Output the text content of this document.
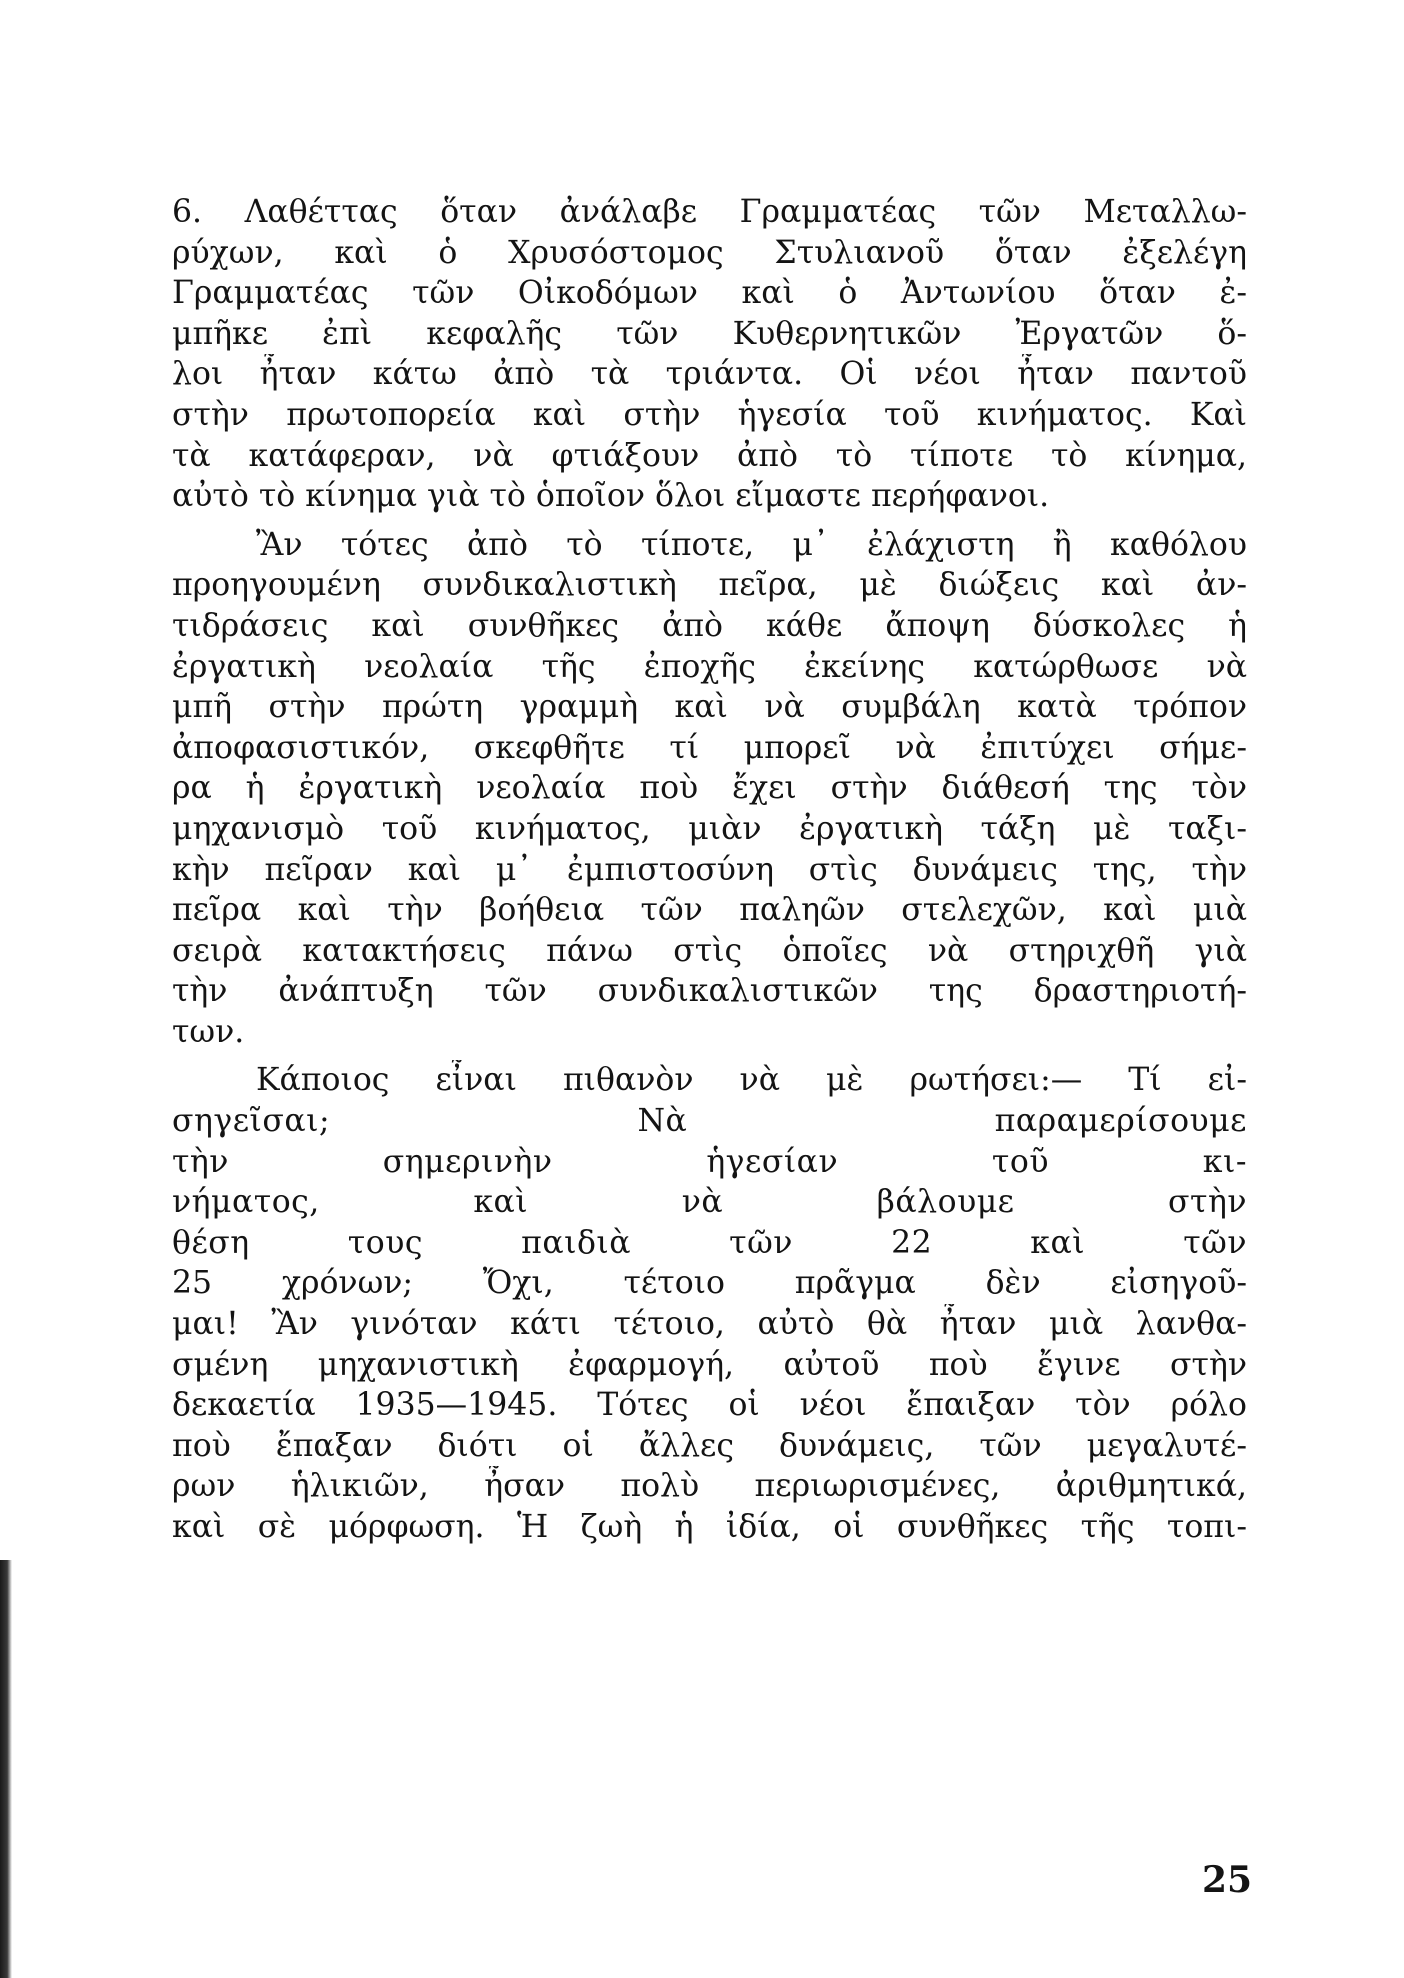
6. Λαθέττας ὅταν ἀνάλαβε Γραμματέας τῶν Μεταλλω-
ρύχων, καὶ ὁ Χρυσόστομος Στυλιανοῦ ὅταν ἐξελέγη
Γραμματέας τῶν Οἰκοδόμων καὶ ὁ Ἀντωνίου ὅταν ἐ-
μπῆκε ἐπὶ κεφαλῆς τῶν Κυθερνητικῶν Ἐργατῶν ὅ-
λοι ἦταν κάτω ἀπὸ τὰ τριάντα. Οἱ νέοι ἦταν παντοῦ
στὴν πρωτοπορεία καὶ στὴν ἡγεσία τοῦ κινήματος. Καὶ
τὰ κατάφεραν, νὰ φτιάξουν ἀπὸ τὸ τίποτε τὸ κίνημα,
αὐτὸ τὸ κίνημα γιὰ τὸ ὁποῖον ὅλοι εἴμαστε περήφανοι.
Ἂν τότες ἀπὸ τὸ τίποτε, μ᾽ ἐλάχιστη ἢ καθόλου
προηγουμένη συνδικαλιστικὴ πεῖρα, μὲ διώξεις καὶ ἀν-
τιδράσεις καὶ συνθῆκες ἀπὸ κάθε ἄποψη δύσκολες ἡ
ἐργατικὴ νεολαία τῆς ἐποχῆς ἐκείνης κατώρθωσε νὰ
μπῆ στὴν πρώτη γραμμὴ καὶ νὰ συμβάλη κατὰ τρόπον
ἀποφασιστικόν, σκεφθῆτε τί μπορεῖ νὰ ἐπιτύχει σήμε-
ρα ἡ ἐργατικὴ νεολαία ποὺ ἔχει στὴν διάθεσή της τὸν
μηχανισμὸ τοῦ κινήματος, μιὰν ἐργατικὴ τάξη μὲ ταξι-
κὴν πεῖραν καὶ μ᾽ ἐμπιστοσύνη στὶς δυνάμεις της, τὴν
πεῖρα καὶ τὴν βοήθεια τῶν παληῶν στελεχῶν, καὶ μιὰ
σειρὰ κατακτήσεις πάνω στὶς ὁποῖες νὰ στηριχθῆ γιὰ
τὴν ἀνάπτυξη τῶν συνδικαλιστικῶν της δραστηριοτή-
των.
Κάποιος εἶναι πιθανὸν νὰ μὲ ρωτήσει:— Τί εἰ-
σηγεῖσαι; Νὰ παραμερίσουμε
τὴν σημερινὴν ἡγεσίαν τοῦ κι-
νήματος, καὶ νὰ βάλουμε στὴν
θέση τους παιδιὰ τῶν 22 καὶ τῶν
25 χρόνων; Ὄχι, τέτοιο πρᾶγμα δὲν εἰσηγοῦ-
μαι! Ἂν γινόταν κάτι τέτοιο, αὐτὸ θὰ ἦταν μιὰ λανθα-
σμένη μηχανιστικὴ ἐφαρμογή, αὐτοῦ ποὺ ἔγινε στὴν
δεκαετία 1935—1945. Τότες οἱ νέοι ἔπαιξαν τὸν ρόλο
ποὺ ἔπαξαν διότι οἱ ἄλλες δυνάμεις, τῶν μεγαλυτέ-
ρων ἡλικιῶν, ἦσαν πολὺ περιωρισμένες, ἀριθμητικά,
καὶ σὲ μόρφωση. Ἡ ζωὴ ἡ ἰδία, οἱ συνθῆκες τῆς τοπι-
25
